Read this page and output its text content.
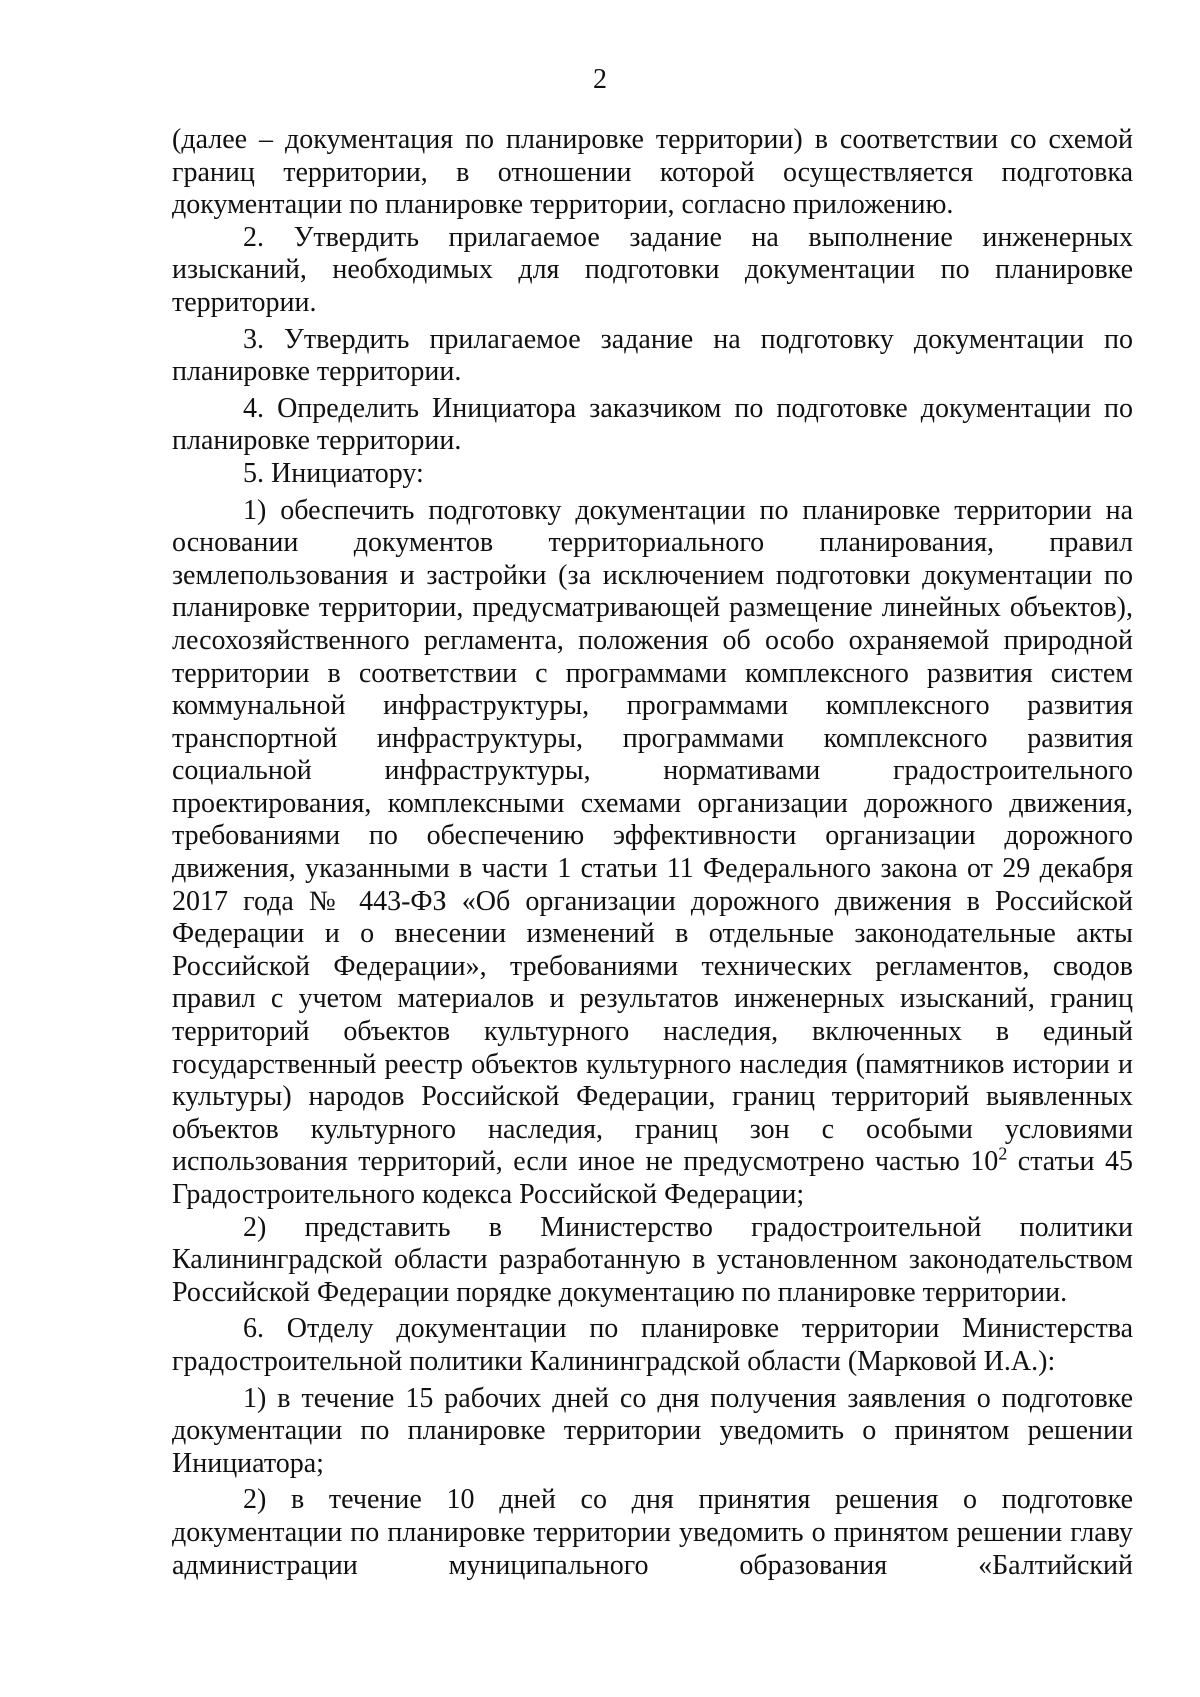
2

(далее – документация по планировке территории) в соответствии со схемой границ территории, в отношении которой осуществляется подготовка документации по планировке территории, согласно приложению.

2. Утвердить прилагаемое задание на выполнение инженерных изысканий, необходимых для подготовки документации по планировке территории.

3. Утвердить прилагаемое задание на подготовку документации по планировке территории.

4. Определить Инициатора заказчиком по подготовке документации по планировке территории.

5. Инициатору:

1) обеспечить подготовку документации по планировке территории на основании документов территориального планирования, правил землепользования и застройки (за исключением подготовки документации по планировке территории, предусматривающей размещение линейных объектов), лесохозяйственного регламента, положения об особо охраняемой природной территории в соответствии с программами комплексного развития систем коммунальной инфраструктуры, программами комплексного развития транспортной инфраструктуры, программами комплексного развития социальной инфраструктуры, нормативами градостроительного проектирования, комплексными схемами организации дорожного движения, требованиями по обеспечению эффективности организации дорожного движения, указанными в части 1 статьи 11 Федерального закона от 29 декабря 2017 года № 443-ФЗ «Об организации дорожного движения в Российской Федерации и о внесении изменений в отдельные законодательные акты Российской Федерации», требованиями технических регламентов, сводов правил с учетом материалов и результатов инженерных изысканий, границ территорий объектов культурного наследия, включенных в единый государственный реестр объектов культурного наследия (памятников истории и культуры) народов Российской Федерации, границ территорий выявленных объектов культурного наследия, границ зон с особыми условиями использования территорий, если иное не предусмотрено частью $10^2$ статьи 45 Градостроительного кодекса Российской Федерации;

2) представить в Министерство градостроительной политики Калининградской области разработанную в установленном законодательством Российской Федерации порядке документацию по планировке территории.

6. Отделу документации по планировке территории Министерства градостроительной политики Калининградской области (Марковой И.А.):

1) в течение 15 рабочих дней со дня получения заявления о подготовке документации по планировке территории уведомить о принятом решении Инициатора;

2) в течение 10 дней со дня принятия решения о подготовке документации по планировке территории уведомить о принятом решении главу администрации муниципального образования «Балтийский
